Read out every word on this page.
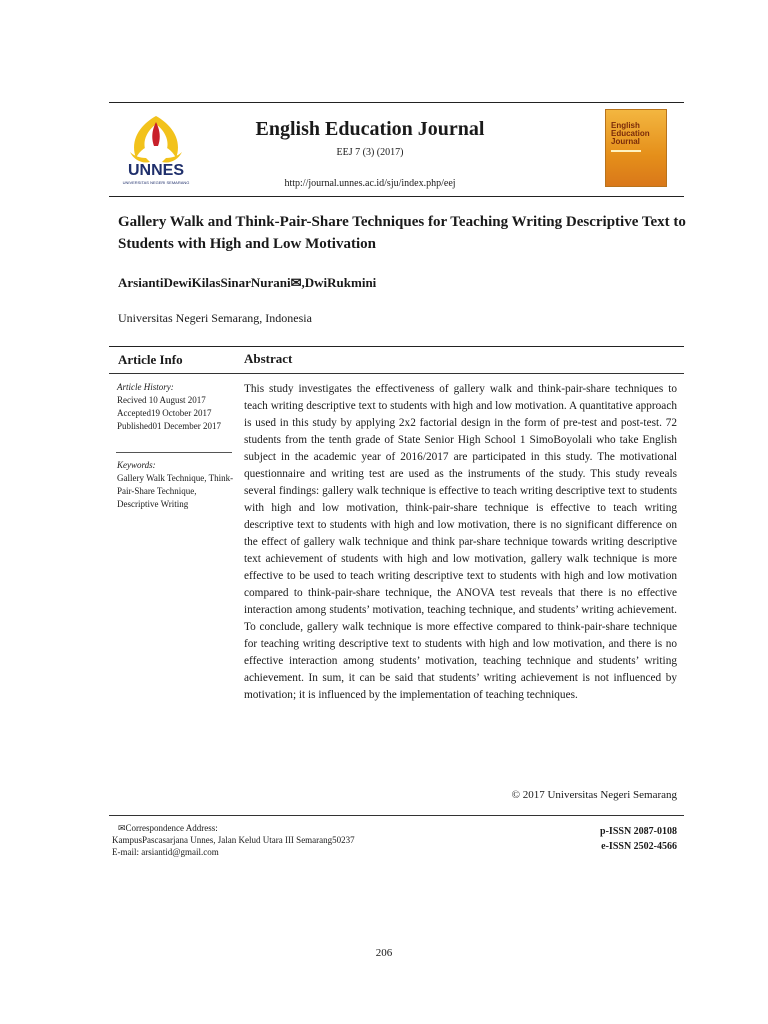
UNNES
UNIVERSITAS NEGERI SEMARANG
English Education Journal
EEJ 7 (3) (2017)
http://journal.unnes.ac.id/sju/index.php/eej
English Education Journal
Gallery Walk and Think-Pair-Share Techniques for Teaching Writing Descriptive Text to Students with High and Low Motivation
ArsiantiDewiKilasSinarNurani✉,DwiRukmini
Universitas Negeri Semarang, Indonesia
Article Info	Abstract
Article History:
Recived 10 August 2017
Accepted19 October 2017
Published01 December 2017
Keywords:
Gallery Walk Technique, Think-Pair-Share Technique, Descriptive Writing
This study investigates the effectiveness of gallery walk and think-pair-share techniques to teach writing descriptive text to students with high and low motivation. A quantitative approach is used in this study by applying 2x2 factorial design in the form of pre-test and post-test. 72 students from the tenth grade of State Senior High School 1 SimoBoyolali who take English subject in the academic year of 2016/2017 are participated in this study. The motivational questionnaire and writing test are used as the instruments of the study. This study reveals several findings: gallery walk technique is effective to teach writing descriptive text to students with high and low motivation, think-pair-share technique is effective to teach writing descriptive text to students with high and low motivation, there is no significant difference on the effect of gallery walk technique and think par-share technique towards writing descriptive text achievement of students with high and low motivation, gallery walk technique is more effective to be used to teach writing descriptive text to students with high and low motivation compared to think-pair-share technique, the ANOVA test reveals that there is no effective interaction among students’ motivation, teaching technique, and students’ writing achievement. To conclude, gallery walk technique is more effective compared to think-pair-share technique for teaching writing descriptive text to students with high and low motivation, and there is no effective interaction among students’ motivation, teaching technique and students’ writing achievement. In sum, it can be said that students’ writing achievement is not influenced by motivation; it is influenced by the implementation of teaching techniques.
© 2017 Universitas Negeri Semarang
✉Correspondence Address:
KampusPascasarjana Unnes, Jalan Kelud Utara III Semarang50237
E-mail: arsiantid@gmail.com
p-ISSN 2087-0108
e-ISSN 2502-4566
206
